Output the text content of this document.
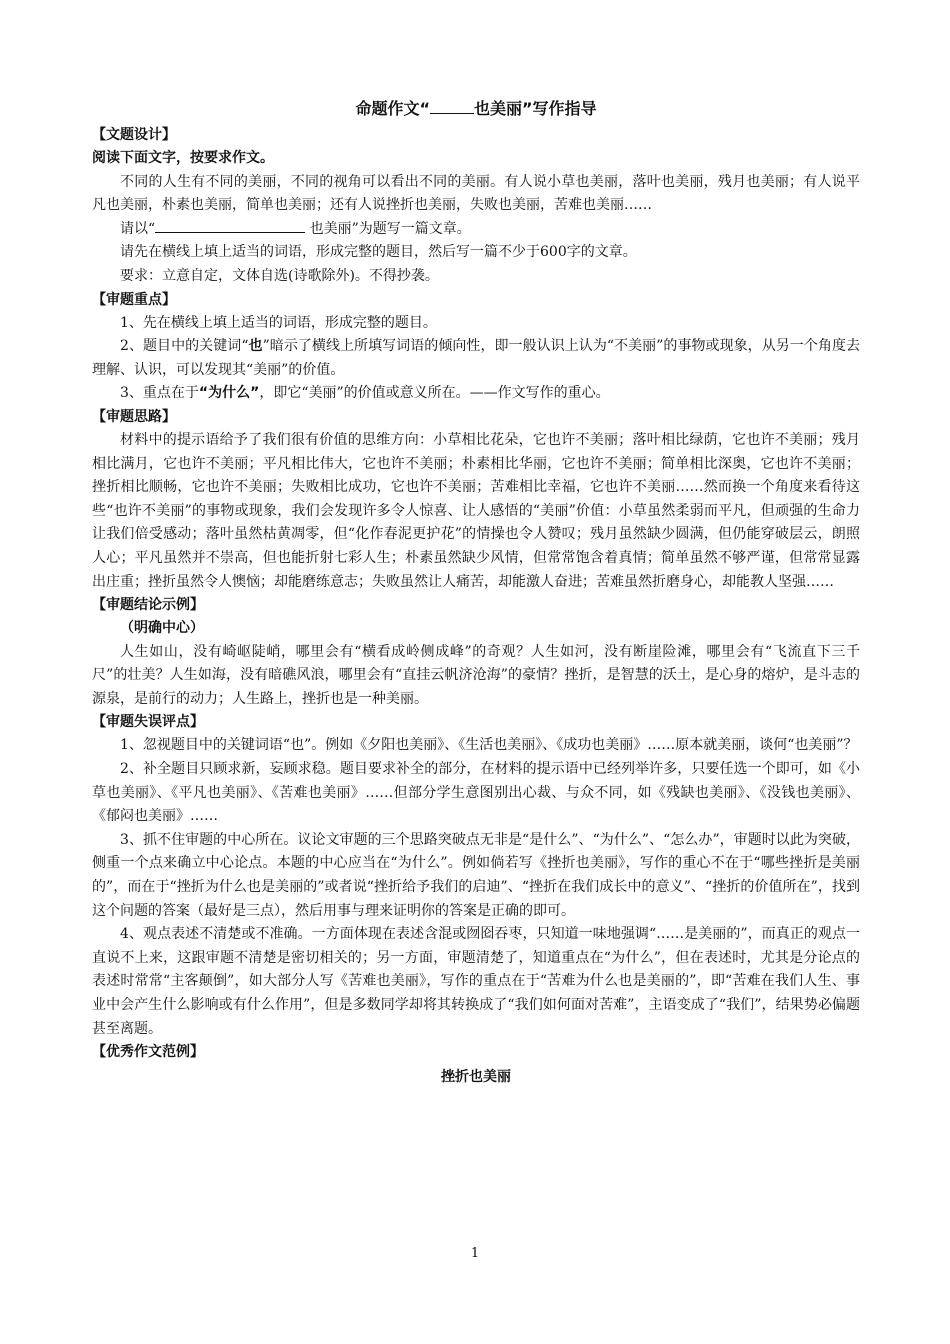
命题作文“	也美丽”写作指导
【文题设计】

阅读下面文字，按要求作文。

不同的人生有不同的美丽，不同的视角可以看出不同的美丽。有人说小草也美丽，落叶也美丽，残月也美丽；有人说平凡也美丽，朴素也美丽，简单也美丽；还有人说挫折也美丽，失败也美丽，苦难也美丽……

请以“	也美丽”为题写一篇文章。

请先在横线上填上适当的词语，形成完整的题目，然后写一篇不少于600字的文章。

要求：立意自定，文体自选(诗歌除外)。不得抄袭。

【审题重点】

1、先在横线上填上适当的词语，形成完整的题目。

2、题目中的关键词“也”暗示了横线上所填写词语的倾向性，即一般认识上认为“不美丽”的事物或现象，从另一个角度去理解、认识，可以发现其“美丽”的价值。

3、重点在于“为什么”，即它“美丽”的价值或意义所在。——作文写作的重心。

【审题思路】

材料中的提示语给予了我们很有价值的思维方向：小草相比花朵，它也许不美丽；落叶相比绿荫，它也许不美丽；残月相比满月，它也许不美丽；平凡相比伟大，它也许不美丽；朴素相比华丽，它也许不美丽；简单相比深奥，它也许不美丽；挫折相比顺畅，它也许不美丽；失败相比成功，它也许不美丽；苦难相比幸福，它也许不美丽……然而换一个角度来看待这些“也许不美丽”的事物或现象，我们会发现许多令人惊喜、让人感悟的“美丽”价值：小草虽然柔弱而平凡，但顽强的生命力让我们倍受感动；落叶虽然枯黄凋零，但“化作春泥更护花”的情操也令人赞叹；残月虽然缺少圆满，但仍能穿破层云，朗照人心；平凡虽然并不崇高，但也能折射七彩人生；朴素虽然缺少风情，但常常饱含着真情；简单虽然不够严谨，但常常显露出庄重；挫折虽然令人懊恼；却能磨练意志；失败虽然让人痛苦，却能激人奋进；苦难虽然折磨身心，却能教人坚强……

【审题结论示例】

（明确中心）

人生如山，没有崎岖陡峭，哪里会有“横看成岭侧成峰”的奇观？人生如河，没有断崖险滩，哪里会有“飞流直下三千尺”的壮美？人生如海，没有暗礁风浪，哪里会有“直挂云帆济沧海”的豪情？挫折，是智慧的沃土，是心身的熔炉，是斗志的源泉，是前行的动力；人生路上，挫折也是一种美丽。

【审题失误评点】

1、忽视题目中的关键词语“也”。例如《夕阳也美丽》、《生活也美丽》、《成功也美丽》……原本就美丽，谈何“也美丽”？

2、补全题目只顾求新，妄顾求稳。题目要求补全的部分，在材料的提示语中已经列举许多，只要任选一个即可，如《小草也美丽》、《平凡也美丽》、《苦难也美丽》……但部分学生意图别出心裁、与众不同，如《残缺也美丽》、《没钱也美丽》、《郁闷也美丽》……

3、抓不住审题的中心所在。议论文审题的三个思路突破点无非是“是什么”、“为什么”、“怎么办”，审题时以此为突破，侧重一个点来确立中心论点。本题的中心应当在“为什么”。例如倘若写《挫折也美丽》，写作的重心不在于“哪些挫折是美丽的”，而在于“挫折为什么也是美丽的”或者说“挫折给予我们的启迪”、“挫折在我们成长中的意义”、“挫折的价值所在”，找到这个问题的答案（最好是三点），然后用事与理来证明你的答案是正确的即可。

4、观点表述不清楚或不准确。一方面体现在表述含混或囫囵吞枣，只知道一味地强调“……是美丽的”，而真正的观点一直说不上来，这跟审题不清楚是密切相关的；另一方面，审题清楚了，知道重点在“为什么”，但在表述时，尤其是分论点的表述时常常“主客颠倒”，如大部分人写《苦难也美丽》，写作的重点在于“苦难为什么也是美丽的”，即“苦难在我们人生、事业中会产生什么影响或有什么作用”，但是多数同学却将其转换成了“我们如何面对苦难”，主语变成了“我们”，结果势必偏题甚至离题。

【优秀作文范例】
挫折也美丽
1
